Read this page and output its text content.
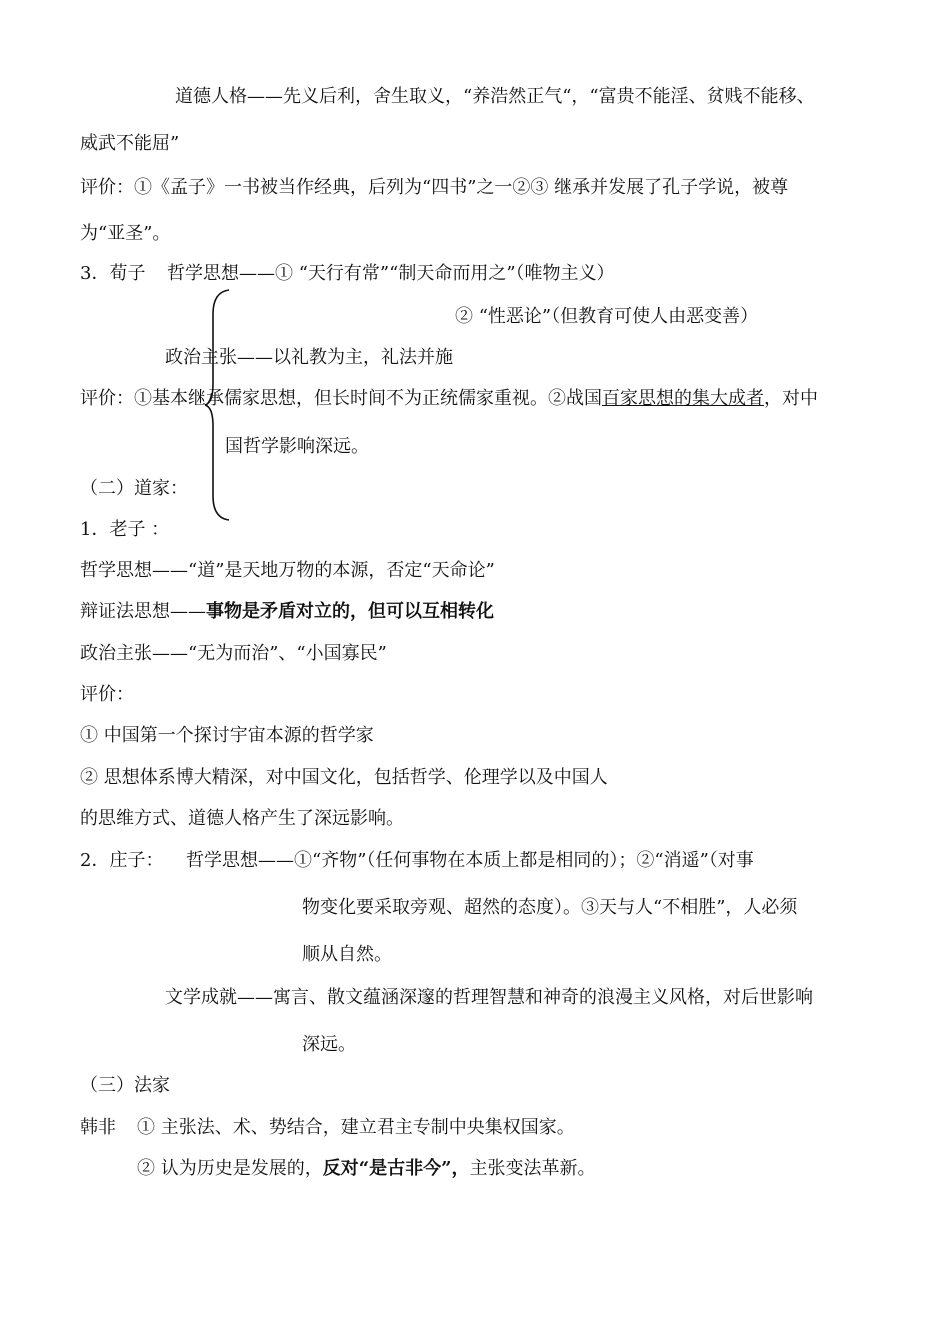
道德人格——先义后利，舍生取义，“养浩然正气“，“富贵不能淫、贫贱不能移、
威武不能屈”
评价：①《孟子》一书被当作经典，后列为“四书”之一②③ 继承并发展了孔子学说，被尊
为“亚圣”。
3．荀子 哲学思想——① “天行有常”“制天命而用之”（唯物主义）
② “性恶论”（但教育可使人由恶变善）
政治主张——以礼教为主，礼法并施
评价：①基本继承儒家思想，但长时间不为正统儒家重视。②战国百家思想的集大成者，对中
国哲学影响深远。
（二）道家：
1．老子 ：
哲学思想——“道”是天地万物的本源，否定“天命论”
辩证法思想——事物是矛盾对立的，但可以互相转化
政治主张——“无为而治”、“小国寡民”
评价：
① 中国第一个探讨宇宙本源的哲学家
② 思想体系博大精深，对中国文化，包括哲学、伦理学以及中国人
的思维方式、道德人格产生了深远影响。
2．庄子： 哲学思想——①“齐物”（任何事物在本质上都是相同的）；②“消遥”（对事
物变化要采取旁观、超然的态度）。③天与人“不相胜”，人必须
顺从自然。
文学成就——寓言、散文蕴涵深邃的哲理智慧和神奇的浪漫主义风格，对后世影响
深远。
（三）法家
韩非 ① 主张法、术、势结合，建立君主专制中央集权国家。
② 认为历史是发展的，反对“是古非今”，主张变法革新。
